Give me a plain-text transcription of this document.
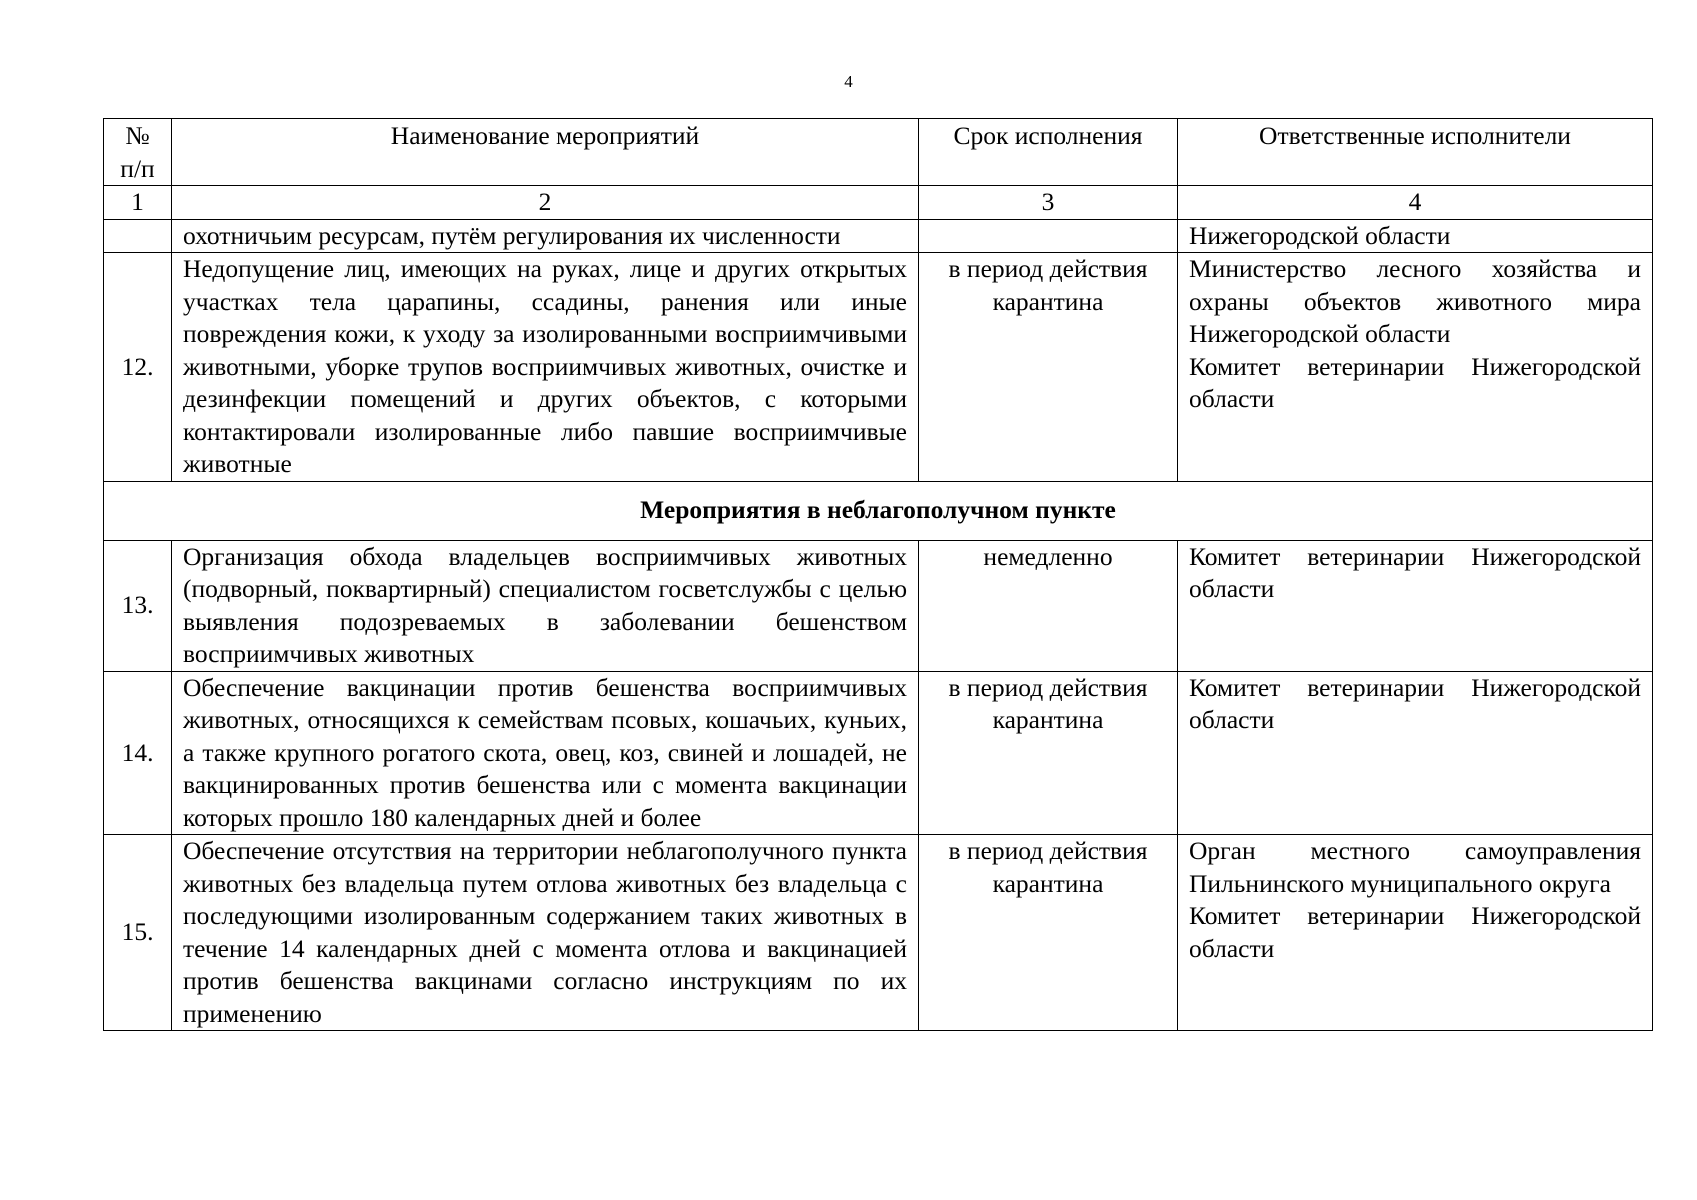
4
№ п/п	Наименование мероприятий	Срок исполнения	Ответственные исполнители
1	2	3	4
	охотничьим ресурсам, путём регулирования их численности		Нижегородской области

12.	Недопущение лиц, имеющих на руках, лице и других открытых участках тела царапины, ссадины, ранения или иные повреждения кожи, к уходу за изолированными восприимчивыми животными, уборке трупов восприимчивых животных, очистке и дезинфекции помещений и других объектов, с которыми контактировали изолированные либо павшие восприимчивые животные	в период действия карантина	Министерство лесного хозяйства и охраны объектов животного мира Нижегородской области
Комитет ветеринарии Нижегородской области

Мероприятия в неблагополучном пункте			
13.	Организация обхода владельцев восприимчивых животных (подворный, поквартирный) специалистом госветслужбы с целью выявления подозреваемых в заболевании бешенством восприимчивых животных	немедленно	Комитет ветеринарии Нижегородской области

14.	Обеспечение вакцинации против бешенства восприимчивых животных, относящихся к семействам псовых, кошачьих, куньих, а также крупного рогатого скота, овец, коз, свиней и лошадей, не вакцинированных против бешенства или с момента вакцинации которых прошло 180 календарных дней и более	в период действия карантина	Комитет ветеринарии Нижегородской области

15.	Обеспечение отсутствия на территории неблагополучного пункта животных без владельца путем отлова животных без владельца с последующими изолированным содержанием таких животных в течение 14 календарных дней с момента отлова и вакцинацией против бешенства вакцинами согласно инструкциям по их применению	в период действия карантина	Орган местного самоуправления Пильнинского муниципального округа
Комитет ветеринарии Нижегородской области
